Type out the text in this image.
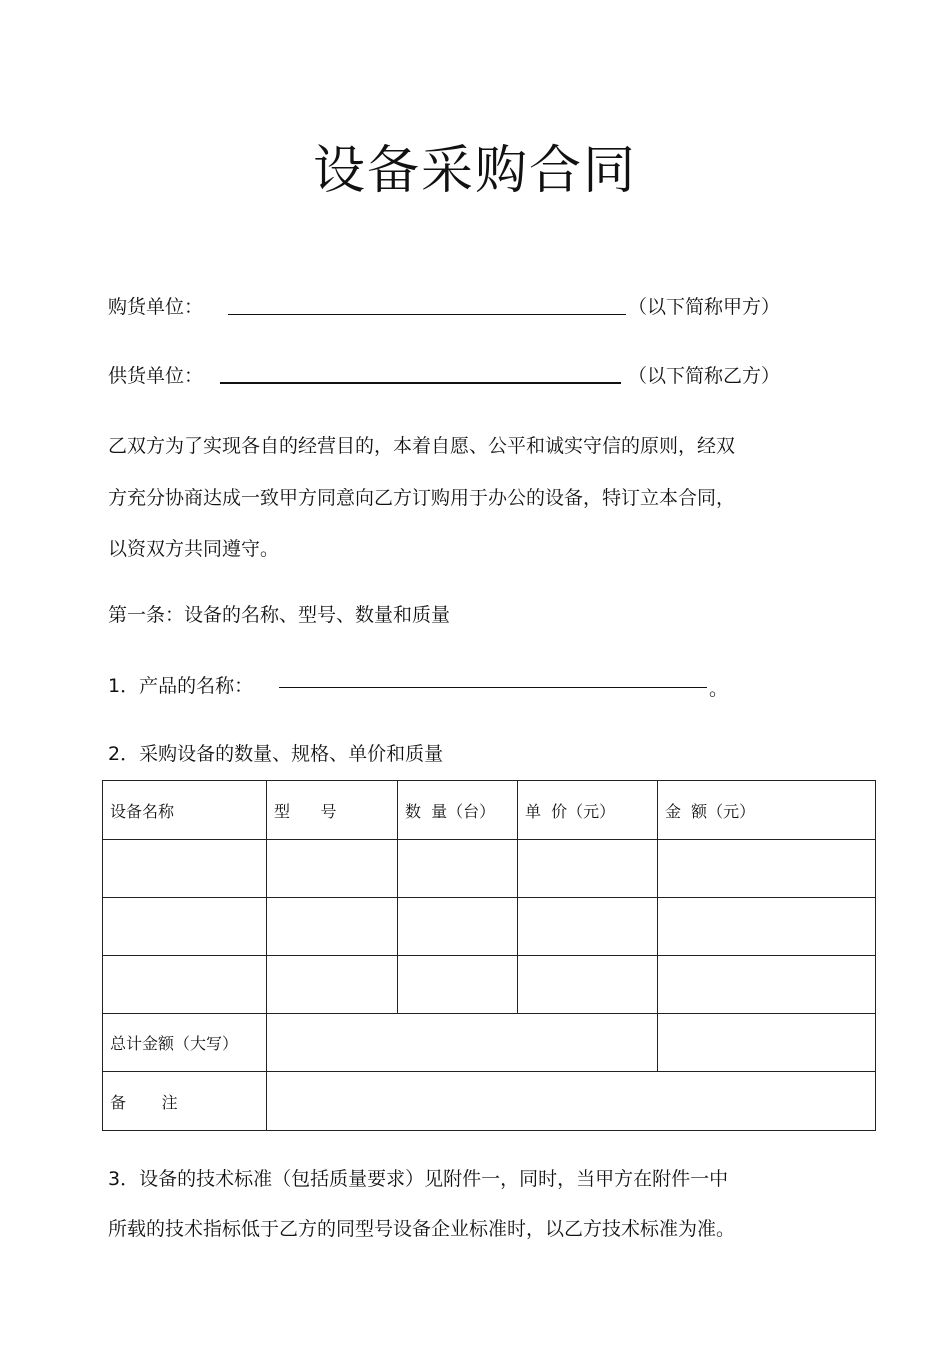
设备采购合同
购货单位：	（以下简称甲方）
供货单位：	（以下简称乙方）
乙双方为了实现各自的经营目的，本着自愿、公平和诚实守信的原则，经双
方充分协商达成一致甲方同意向乙方订购用于办公的设备，特订立本合同，
以资双方共同遵守。
第一条：设备的名称、型号、数量和质量
1．产品的名称：	。
2．采购设备的数量、规格、单价和质量
设备名称	型      号	数  量（台）	单  价（元）	金  额（元）

总计金额（大写）				
备       注				
3．设备的技术标准（包括质量要求）见附件一，同时，当甲方在附件一中
所载的技术指标低于乙方的同型号设备企业标准时，以乙方技术标准为准。
